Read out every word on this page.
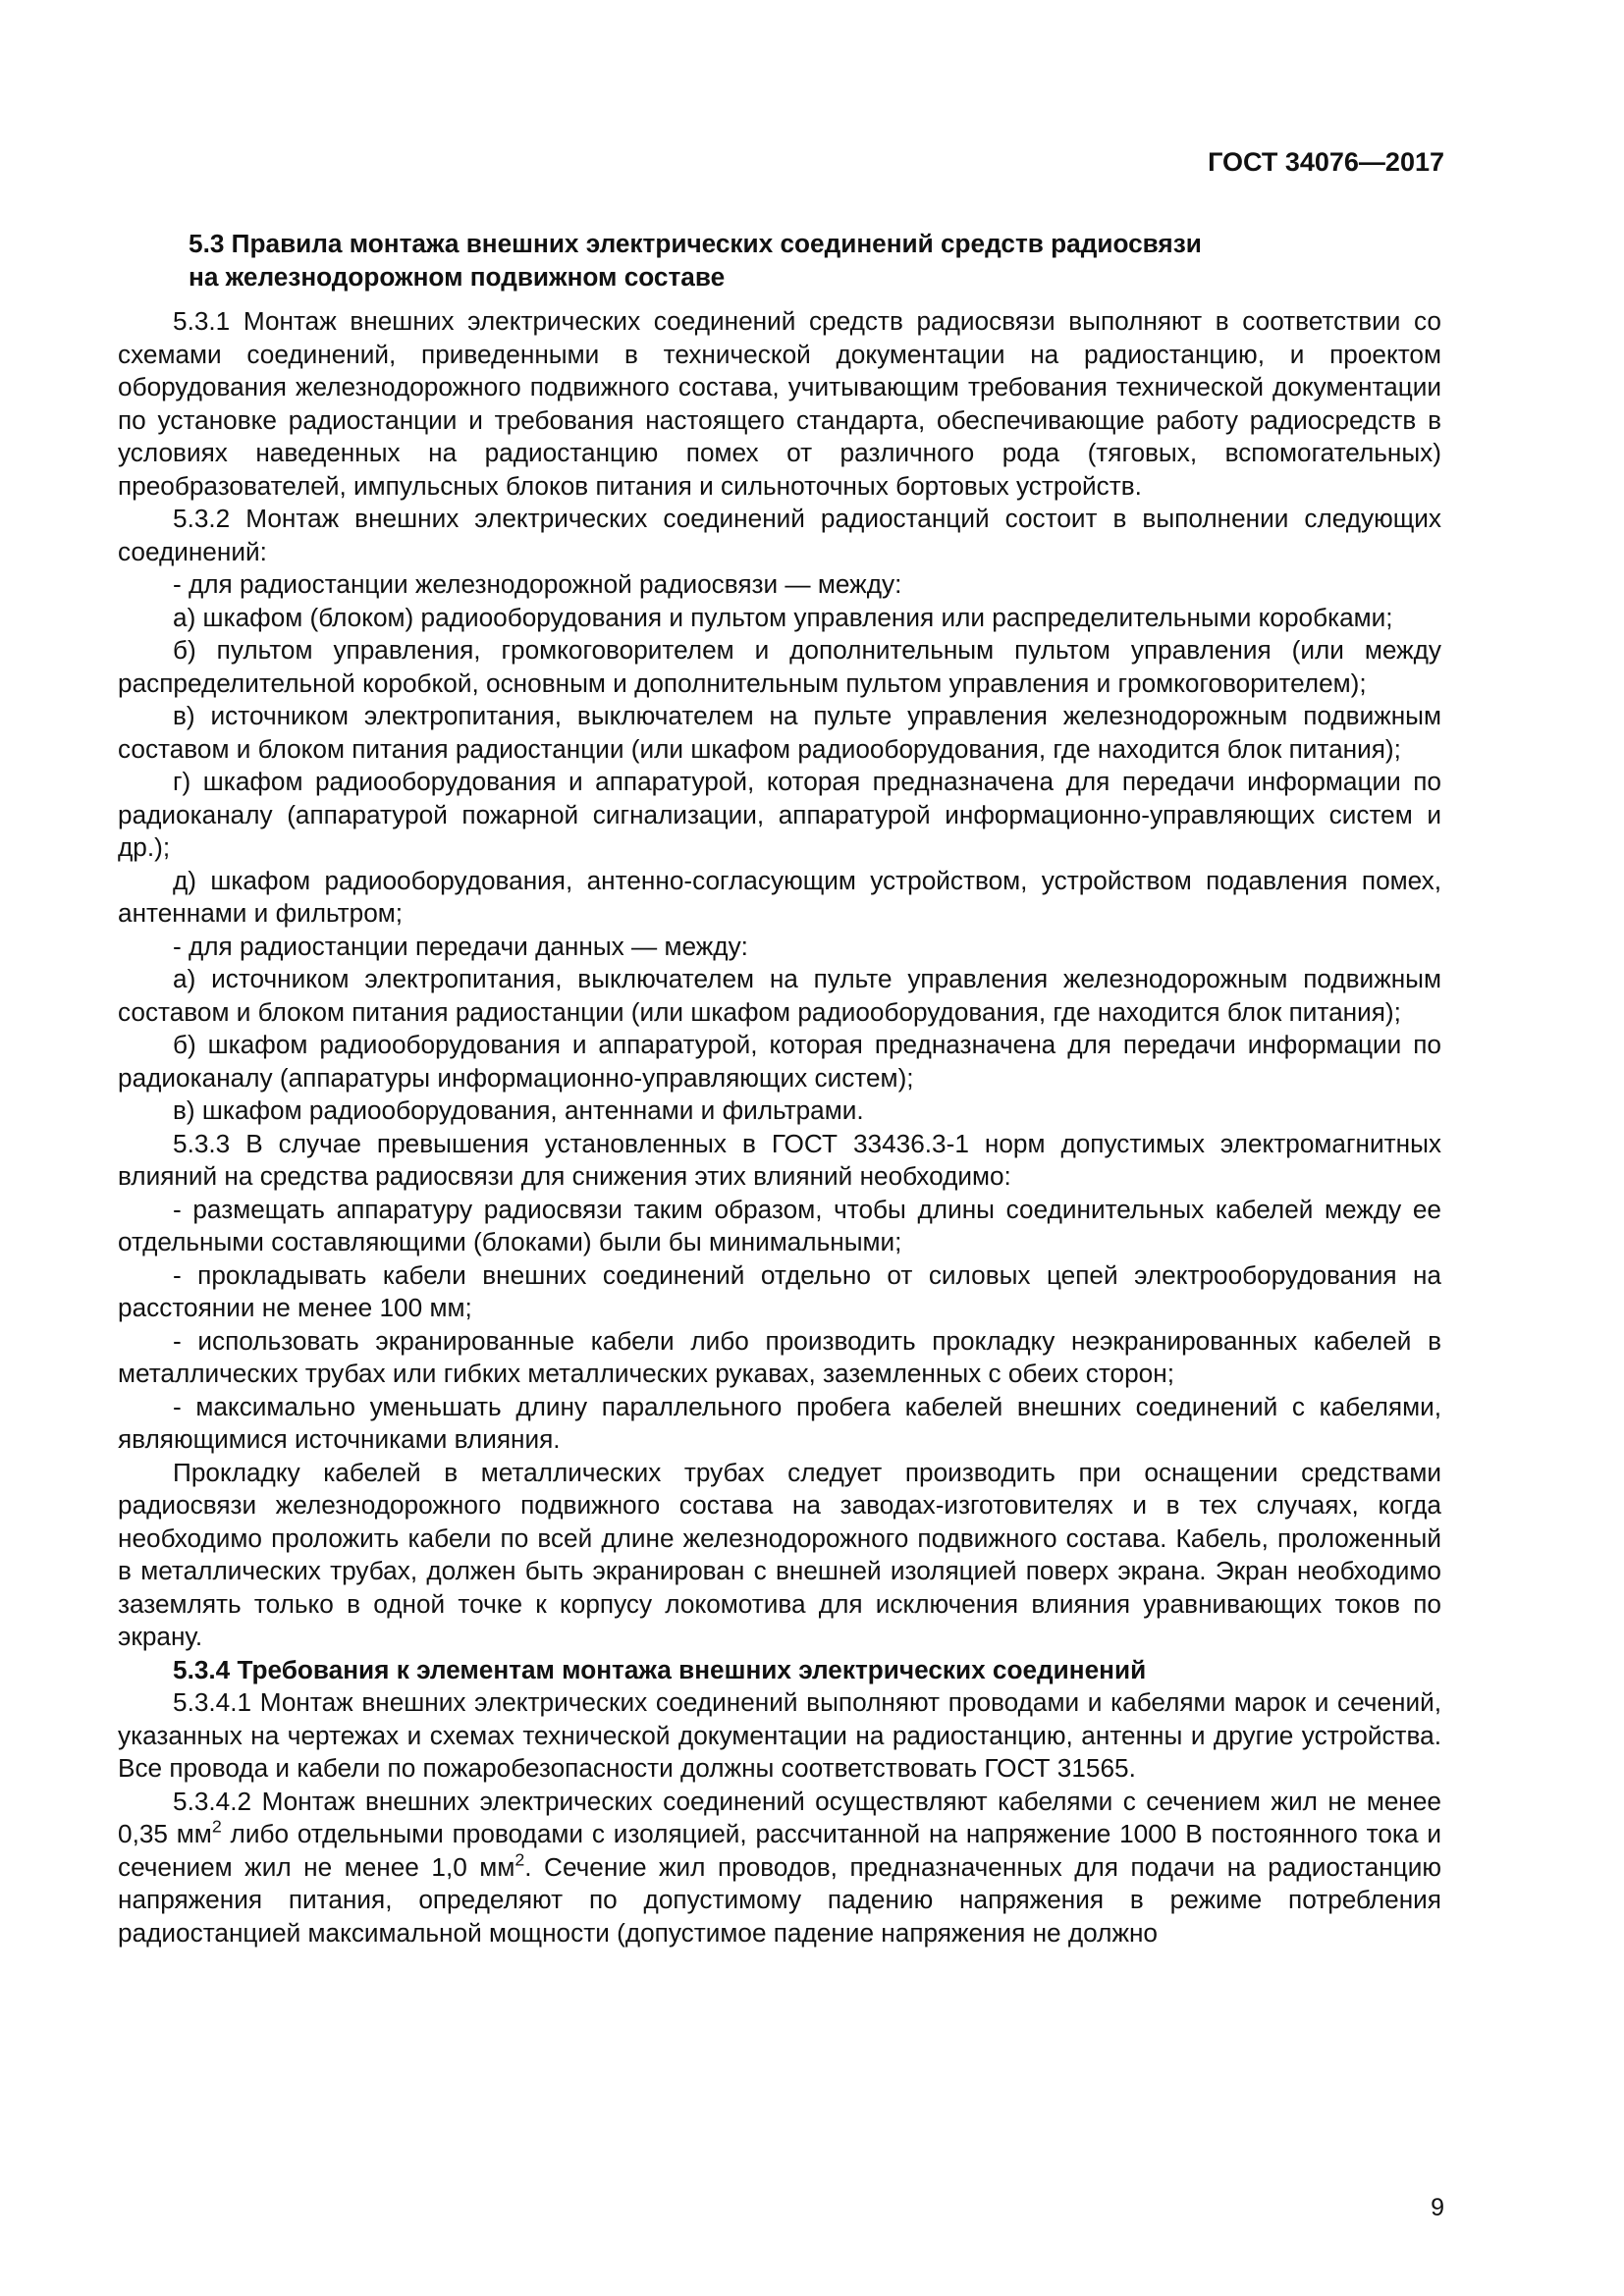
ГОСТ 34076—2017
5.3 Правила монтажа внешних электрических соединений средств радиосвязи
на железнодорожном подвижном составе

5.3.1 Монтаж внешних электрических соединений средств радиосвязи выполняют в соответствии со схемами соединений, приведенными в технической документации на радиостанцию, и проектом оборудования железнодорожного подвижного состава, учитывающим требования технической документации по установке радиостанции и требования настоящего стандарта, обеспечивающие работу радиосредств в условиях наведенных на радиостанцию помех от различного рода (тяговых, вспомогательных) преобразователей, импульсных блоков питания и сильноточных бортовых устройств.

5.3.2 Монтаж внешних электрических соединений радиостанций состоит в выполнении следующих соединений:

- для радиостанции железнодорожной радиосвязи — между:

а) шкафом (блоком) радиооборудования и пультом управления или распределительными коробками;

б) пультом управления, громкоговорителем и дополнительным пультом управления (или между распределительной коробкой, основным и дополнительным пультом управления и громкоговорителем);

в) источником электропитания, выключателем на пульте управления железнодорожным подвижным составом и блоком питания радиостанции (или шкафом радиооборудования, где находится блок питания);

г) шкафом радиооборудования и аппаратурой, которая предназначена для передачи информации по радиоканалу (аппаратурой пожарной сигнализации, аппаратурой информационно-управляющих систем и др.);

д) шкафом радиооборудования, антенно-согласующим устройством, устройством подавления помех, антеннами и фильтром;

- для радиостанции передачи данных — между:

а) источником электропитания, выключателем на пульте управления железнодорожным подвижным составом и блоком питания радиостанции (или шкафом радиооборудования, где находится блок питания);

б) шкафом радиооборудования и аппаратурой, которая предназначена для передачи информации по радиоканалу (аппаратуры информационно-управляющих систем);

в) шкафом радиооборудования, антеннами и фильтрами.

5.3.3 В случае превышения установленных в ГОСТ 33436.3-1 норм допустимых электромагнитных влияний на средства радиосвязи для снижения этих влияний необходимо:

- размещать аппаратуру радиосвязи таким образом, чтобы длины соединительных кабелей между ее отдельными составляющими (блоками) были бы минимальными;

- прокладывать кабели внешних соединений отдельно от силовых цепей электрооборудования на расстоянии не менее 100 мм;

- использовать экранированные кабели либо производить прокладку неэкранированных кабелей в металлических трубах или гибких металлических рукавах, заземленных с обеих сторон;

- максимально уменьшать длину параллельного пробега кабелей внешних соединений с кабелями, являющимися источниками влияния.

Прокладку кабелей в металлических трубах следует производить при оснащении средствами радиосвязи железнодорожного подвижного состава на заводах-изготовителях и в тех случаях, когда необходимо проложить кабели по всей длине железнодорожного подвижного состава. Кабель, проложенный в металлических трубах, должен быть экранирован с внешней изоляцией поверх экрана. Экран необходимо заземлять только в одной точке к корпусу локомотива для исключения влияния уравнивающих токов по экрану.

5.3.4 Требования к элементам монтажа внешних электрических соединений

5.3.4.1 Монтаж внешних электрических соединений выполняют проводами и кабелями марок и сечений, указанных на чертежах и схемах технической документации на радиостанцию, антенны и другие устройства. Все провода и кабели по пожаробезопасности должны соответствовать ГОСТ 31565.

5.3.4.2 Монтаж внешних электрических соединений осуществляют кабелями с сечением жил не менее 0,35 $мм^2$ либо отдельными проводами с изоляцией, рассчитанной на напряжение 1000 В постоянного тока и сечением жил не менее 1,0 $мм^2$. Сечение жил проводов, предназначенных для подачи на радиостанцию напряжения питания, определяют по допустимому падению напряжения в режиме потребления радиостанцией максимальной мощности (допустимое падение напряжения не должно

9
